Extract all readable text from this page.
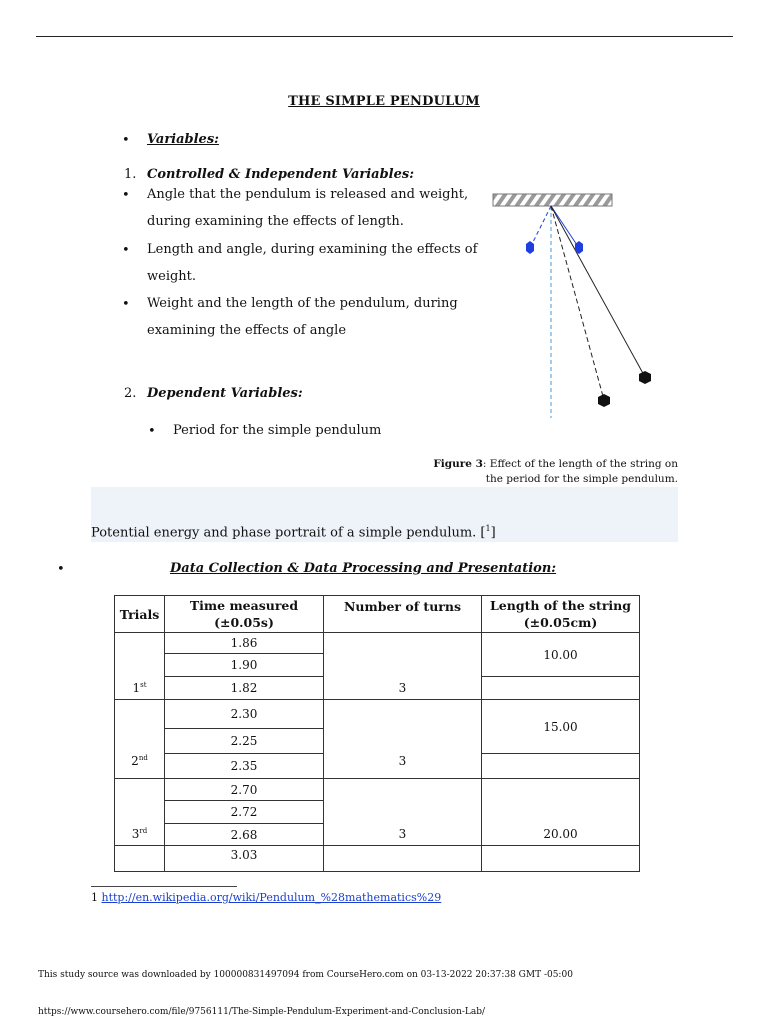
THE SIMPLE PENDULUM
• Variables:
1. Controlled & Independent Variables:
• Angle that the pendulum is released and weight,
during examining the effects of length.
• Length and angle, during examining the effects of
weight.
• Weight and the length of the pendulum, during
examining the effects of angle
2. Dependent Variables:
• Period for the simple pendulum
Figure 3: Effect of the length of the string on
the period for the simple pendulum.
Potential energy and phase portrait of a simple pendulum. [$^1$]
•	Data Collection & Data Processing and Presentation:
Trials	Time measured
(±0.05s)	Number of turns	Length of the string
(±0.05cm)
1st	1.86	3	10.00
	1.90		
	1.82		
2nd	2.30	3	15.00
	2.25		
	2.35		
3rd	2.70	3	20.00
	2.72		
	2.68		
	3.03		
1 http://en.wikipedia.org/wiki/Pendulum_%28mathematics%29
This study source was downloaded by 100000831497094 from CourseHero.com on 03-13-2022 20:37:38 GMT -05:00
https://www.coursehero.com/file/9756111/The-Simple-Pendulum-Experiment-and-Conclusion-Lab/
